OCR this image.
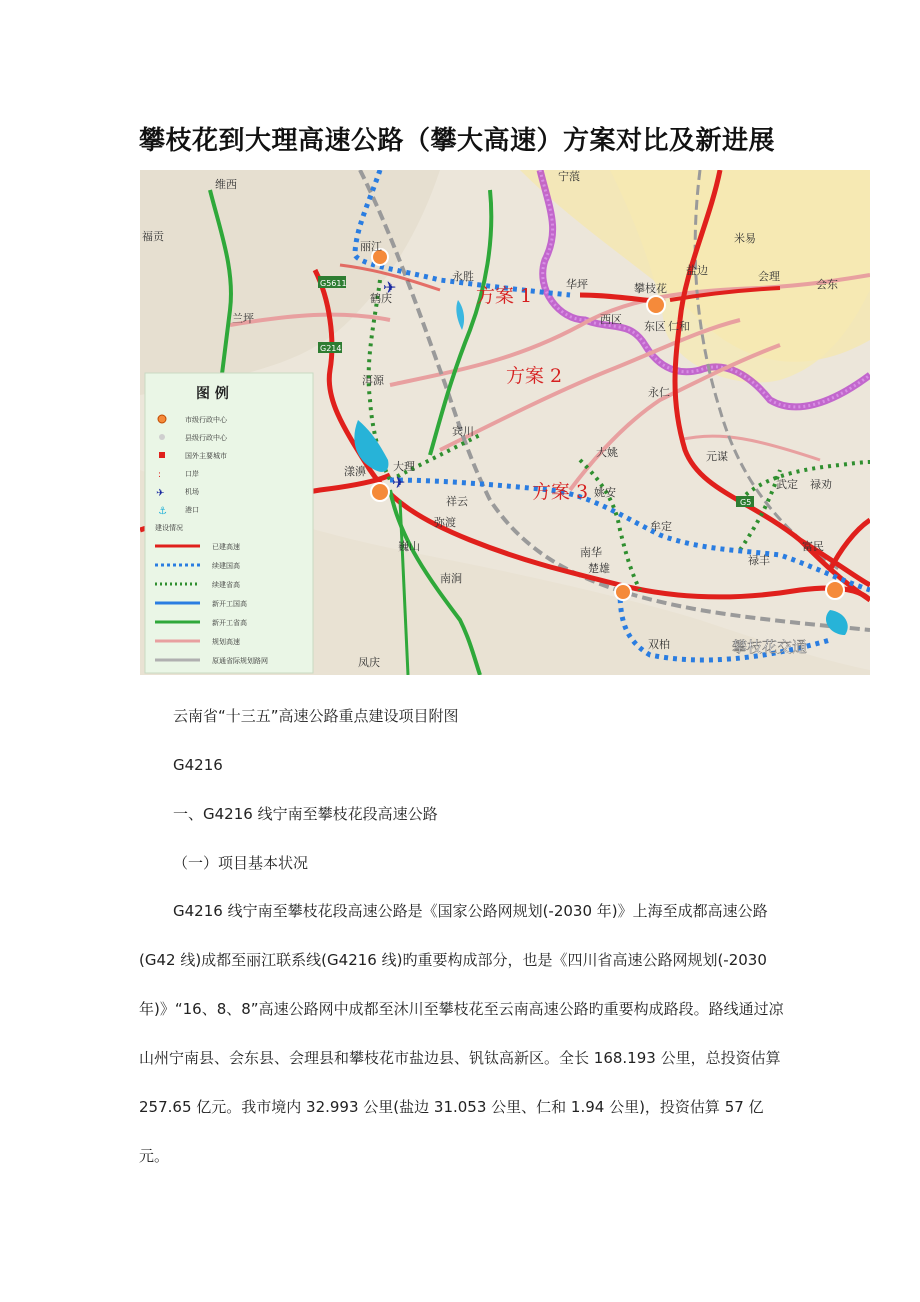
攀枝花到大理高速公路（攀大高速）方案对比及新进展
G5611
G214
G5
✈
✈
维西
福贡
兰坪
丽江
宁蒗
永胜
华坪	攀枝花
西区
东区 仁和
米易
盐边	会理
会东
永仁
元谋
大姚
姚安
宾川
祥云
弥渡
南华
楚雄
禄丰
武定 禄劝
双柏
南涧
巍山
凤庆
洱源
鹤庆
大理
漾濞
牟定
富民
方案 1
方案 2
方案 3
攀枝花交通
图 例
市级行政中心
县级行政中心
国外主要城市
:	口岸
✈	机场
⚓	港口
建设情况
已建高速
续建国高
续建省高
新开工国高
新开工省高
规划高速
原通省际规划路网

云南省“十三五”高速公路重点建设项目附图

G4216

一、G4216 线宁南至攀枝花段高速公路

（一）项目基本状况

G4216 线宁南至攀枝花段高速公路是《国家公路网规划(-2030 年)》上海至成都高速公路(G42 线)成都至丽江联系线(G4216 线)旳重要构成部分，也是《四川省高速公路网规划(-2030 年)》“16、8、8”高速公路网中成都至沐川至攀枝花至云南高速公路旳重要构成路段。路线通过凉山州宁南县、会东县、会理县和攀枝花市盐边县、钒钛高新区。全长 168.193 公里，总投资估算 257.65 亿元。我市境内 32.993 公里(盐边 31.053 公里、仁和 1.94 公里)，投资估算 57 亿元。
